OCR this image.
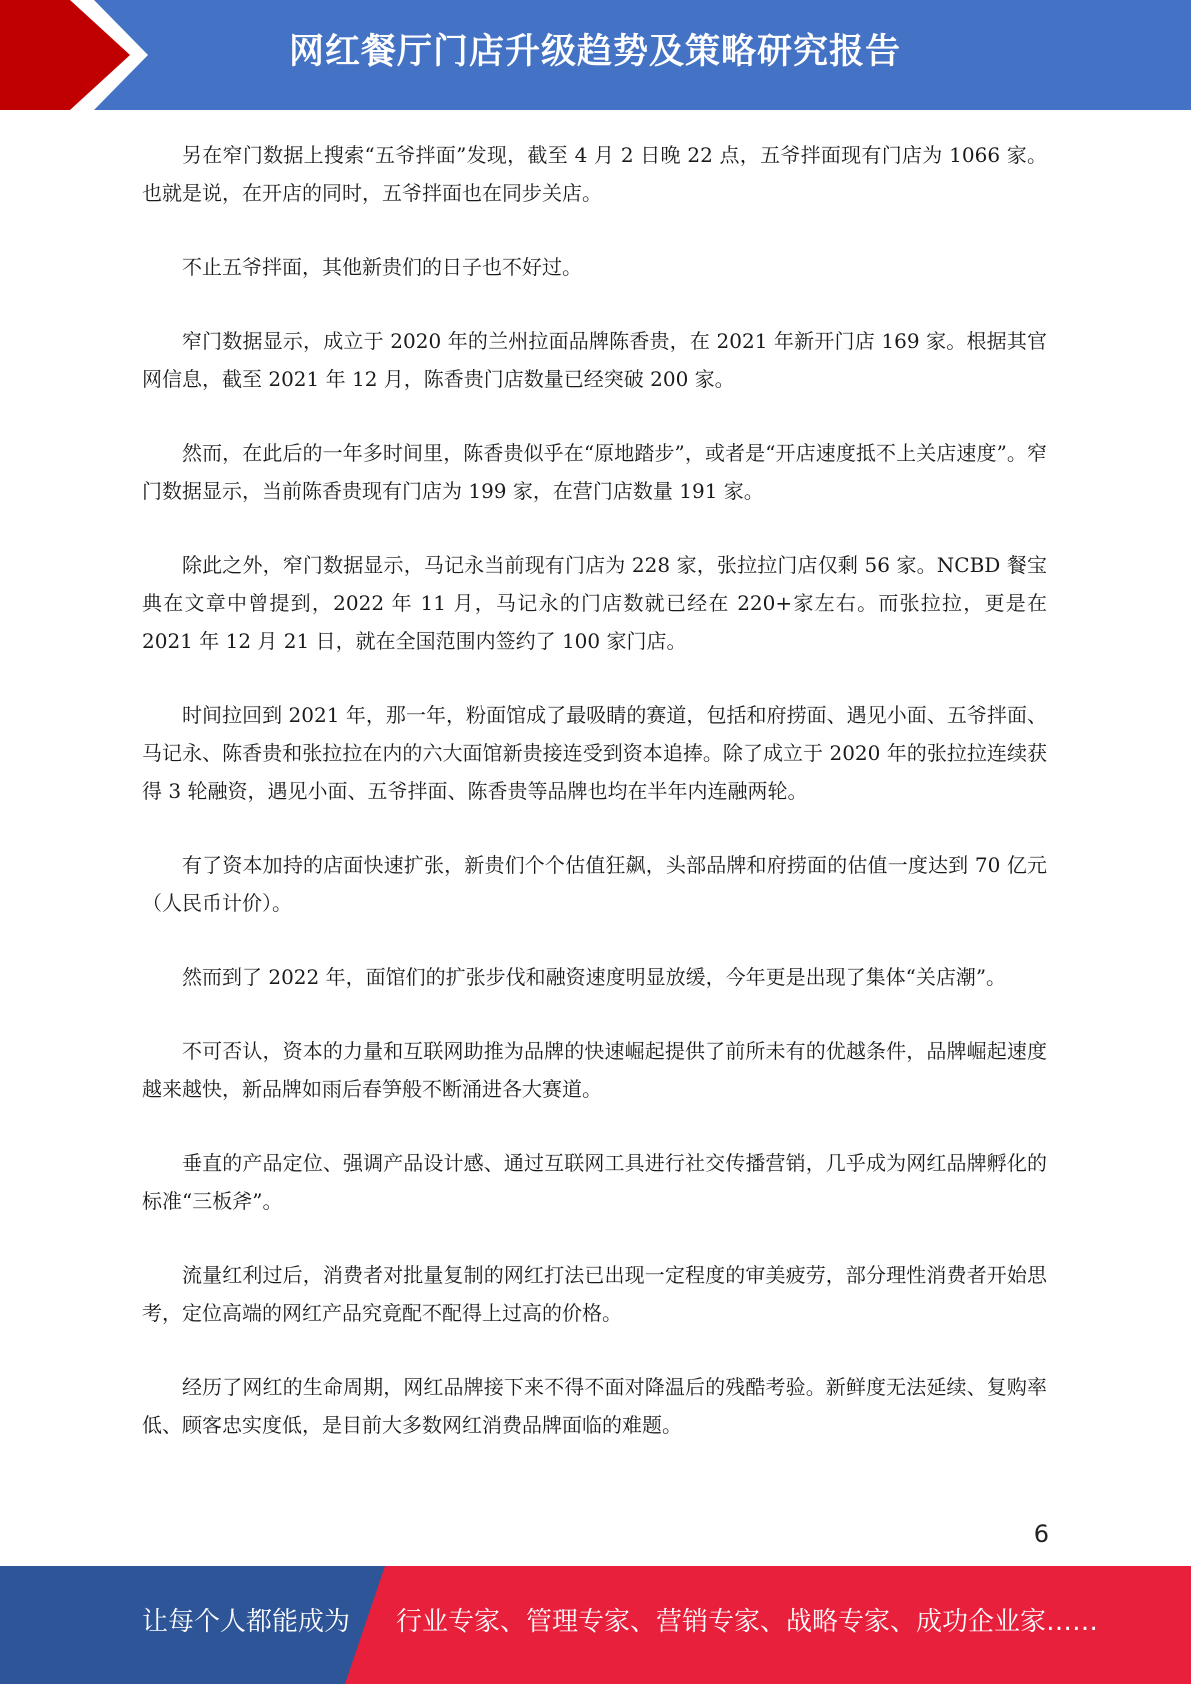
网红餐厅门店升级趋势及策略研究报告

另在窄门数据上搜索“五爷拌面”发现，截至 4 月 2 日晚 22 点，五爷拌面现有门店为 1066 家。也就是说，在开店的同时，五爷拌面也在同步关店。

不止五爷拌面，其他新贵们的日子也不好过。

窄门数据显示，成立于 2020 年的兰州拉面品牌陈香贵，在 2021 年新开门店 169 家。根据其官网信息，截至 2021 年 12 月，陈香贵门店数量已经突破 200 家。

然而，在此后的一年多时间里，陈香贵似乎在“原地踏步”，或者是“开店速度抵不上关店速度”。窄门数据显示，当前陈香贵现有门店为 199 家，在营门店数量 191 家。

除此之外，窄门数据显示，马记永当前现有门店为 228 家，张拉拉门店仅剩 56 家。NCBD 餐宝典在文章中曾提到，2022 年 11 月，马记永的门店数就已经在 220+家左右。而张拉拉，更是在 2021 年 12 月 21 日，就在全国范围内签约了 100 家门店。

时间拉回到 2021 年，那一年，粉面馆成了最吸睛的赛道，包括和府捞面、遇见小面、五爷拌面、马记永、陈香贵和张拉拉在内的六大面馆新贵接连受到资本追捧。除了成立于 2020 年的张拉拉连续获得 3 轮融资，遇见小面、五爷拌面、陈香贵等品牌也均在半年内连融两轮。

有了资本加持的店面快速扩张，新贵们个个估值狂飙，头部品牌和府捞面的估值一度达到 70 亿元（人民币计价）。

然而到了 2022 年，面馆们的扩张步伐和融资速度明显放缓，今年更是出现了集体“关店潮”。

不可否认，资本的力量和互联网助推为品牌的快速崛起提供了前所未有的优越条件，品牌崛起速度越来越快，新品牌如雨后春笋般不断涌进各大赛道。

垂直的产品定位、强调产品设计感、通过互联网工具进行社交传播营销，几乎成为网红品牌孵化的标准“三板斧”。

流量红利过后，消费者对批量复制的网红打法已出现一定程度的审美疲劳，部分理性消费者开始思考，定位高端的网红产品究竟配不配得上过高的价格。

经历了网红的生命周期，网红品牌接下来不得不面对降温后的残酷考验。新鲜度无法延续、复购率低、顾客忠实度低，是目前大多数网红消费品牌面临的难题。

6
让每个人都能成为 行业专家、管理专家、营销专家、战略专家、成功企业家……
